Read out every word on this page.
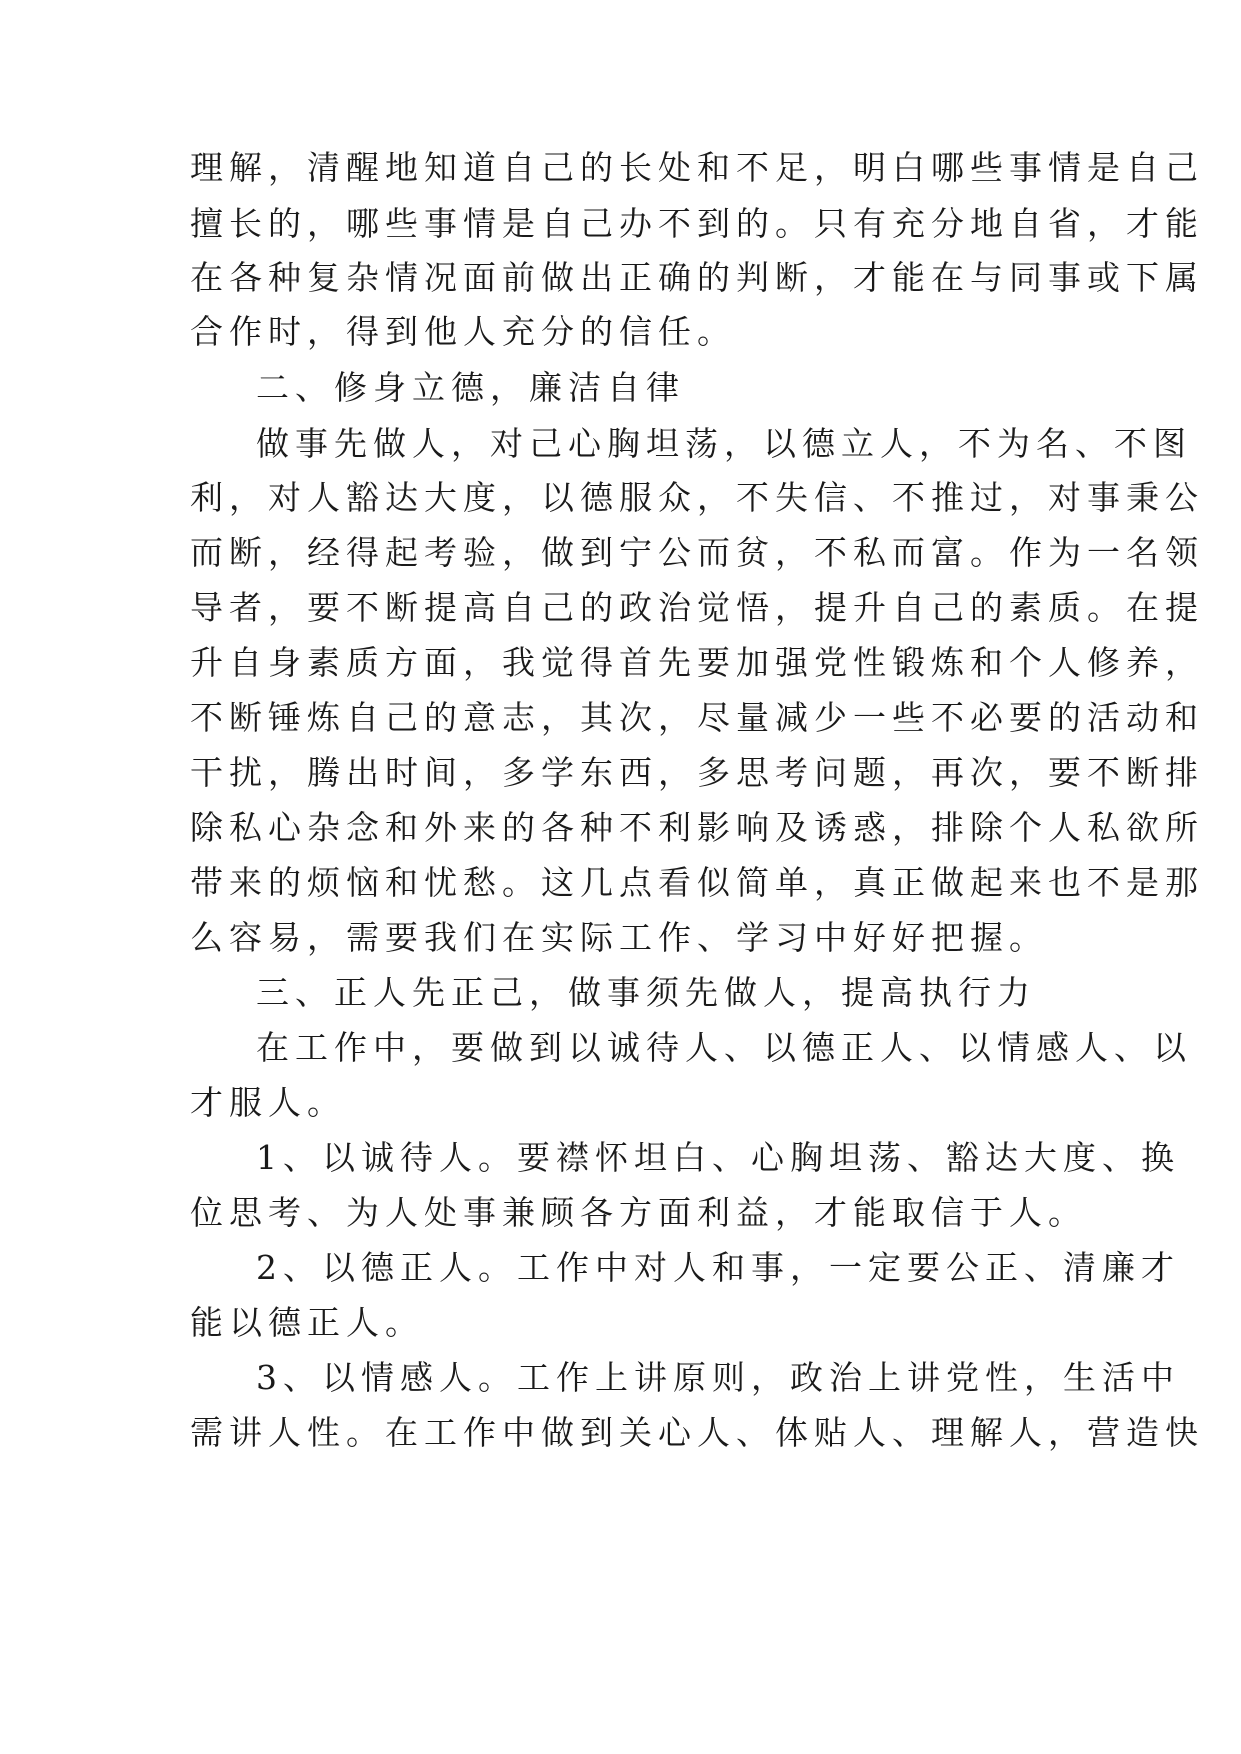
理解，清醒地知道自己的长处和不足，明白哪些事情是自己
擅长的，哪些事情是自己办不到的。只有充分地自省，才能
在各种复杂情况面前做出正确的判断，才能在与同事或下属
合作时，得到他人充分的信任。
二、修身立德，廉洁自律
做事先做人，对己心胸坦荡，以德立人，不为名、不图
利，对人豁达大度，以德服众，不失信、不推过，对事秉公
而断，经得起考验，做到宁公而贫，不私而富。作为一名领
导者，要不断提高自己的政治觉悟，提升自己的素质。在提
升自身素质方面，我觉得首先要加强党性锻炼和个人修养，
不断锤炼自己的意志，其次，尽量减少一些不必要的活动和
干扰，腾出时间，多学东西，多思考问题，再次，要不断排
除私心杂念和外来的各种不利影响及诱惑，排除个人私欲所
带来的烦恼和忧愁。这几点看似简单，真正做起来也不是那
么容易，需要我们在实际工作、学习中好好把握。
三、正人先正己，做事须先做人，提高执行力
在工作中，要做到以诚待人、以德正人、以情感人、以
才服人。
1、以诚待人。要襟怀坦白、心胸坦荡、豁达大度、换
位思考、为人处事兼顾各方面利益，才能取信于人。
2、以德正人。工作中对人和事，一定要公正、清廉才
能以德正人。
3、以情感人。工作上讲原则，政治上讲党性，生活中
需讲人性。在工作中做到关心人、体贴人、理解人，营造快
